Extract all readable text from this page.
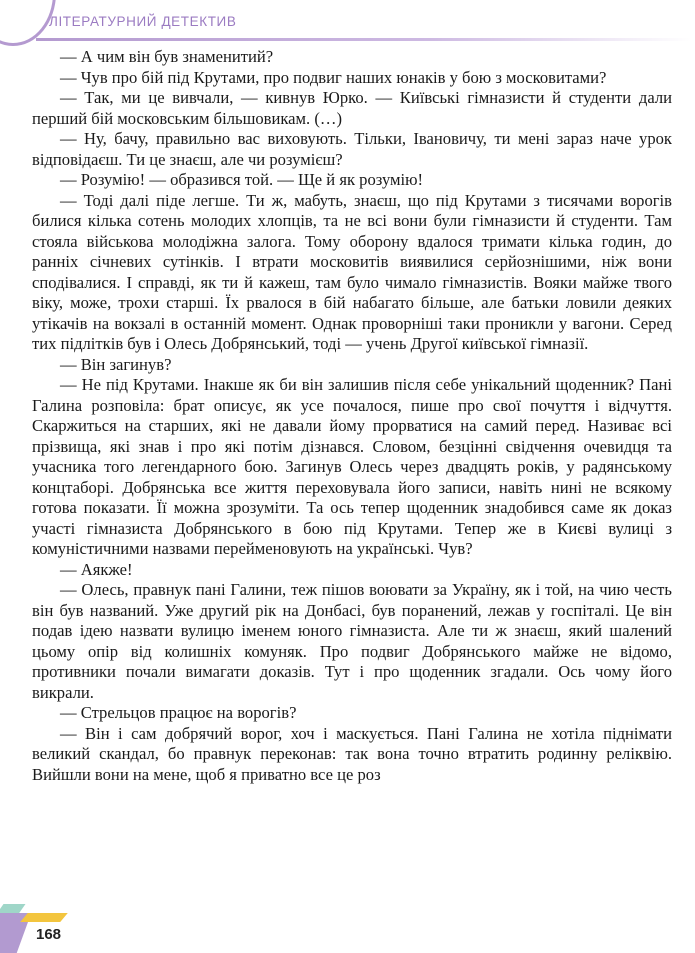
ЛІТЕРАТУРНИЙ ДЕТЕКТИВ

— А чим він був знаменитий?

— Чув про бій під Крутами, про подвиг наших юнаків у бою з московитами?

— Так, ми це вивчали, — кивнув Юрко. — Київські гімназисти й студенти дали перший бій московським більшовикам. (…)

— Ну, бачу, правильно вас виховують. Тільки, Івановичу, ти мені зараз наче урок відповідаєш. Ти це знаєш, але чи розумієш?

— Розумію! — образився той. — Ще й як розумію!

— Тоді далі піде легше. Ти ж, мабуть, знаєш, що під Крутами з тисячами ворогів билися кілька сотень молодих хлопців, та не всі вони були гімназисти й студенти. Там стояла військова молодіжна залога. Тому оборону вдалося тримати кілька годин, до ранніх січневих сутінків. І втрати московитів виявилися серйознішими, ніж вони сподівалися. І справді, як ти й кажеш, там було чимало гімназистів. Вояки майже твого віку, може, трохи старші. Їх рвалося в бій набагато більше, але батьки ловили деяких утікачів на вокзалі в останній момент. Однак проворніші таки проникли у вагони. Серед тих підлітків був і Олесь Добрянський, тоді — учень Другої київської гімназії.

— Він загинув?

— Не під Крутами. Інакше як би він залишив після себе унікальний щоденник? Пані Галина розповіла: брат описує, як усе почалося, пише про свої почуття і відчуття. Скаржиться на старших, які не давали йому прорватися на самий перед. Називає всі прізвища, які знав і про які потім дізнався. Словом, безцінні свідчення очевидця та учасника того легендарного бою. Загинув Олесь через двадцять років, у радянському концтаборі. Добрянська все життя переховувала його записи, навіть нині не всякому готова показати. Її можна зрозуміти. Та ось тепер щоденник знадобився саме як доказ участі гімназиста Добрянського в бою під Крутами. Тепер же в Києві вулиці з комуністичними назвами перейменовують на українські. Чув?

— Аякже!

— Олесь, правнук пані Галини, теж пішов воювати за Україну, як і той, на чию честь він був названий. Уже другий рік на Донбасі, був поранений, лежав у госпіталі. Це він подав ідею назвати вулицю іменем юного гімназиста. Але ти ж знаєш, який шалений цьому опір від колишніх комуняк. Про подвиг Добрянського майже не відомо, противники почали вимагати доказів. Тут і про щоденник згадали. Ось чому його викрали.

— Стрельцов працює на ворогів?

— Він і сам добрячий ворог, хоч і маскується. Пані Галина не хотіла піднімати великий скандал, бо правнук переконав: так вона точно втратить родинну реліквію. Вийшли вони на мене, щоб я приватно все це роз

168
